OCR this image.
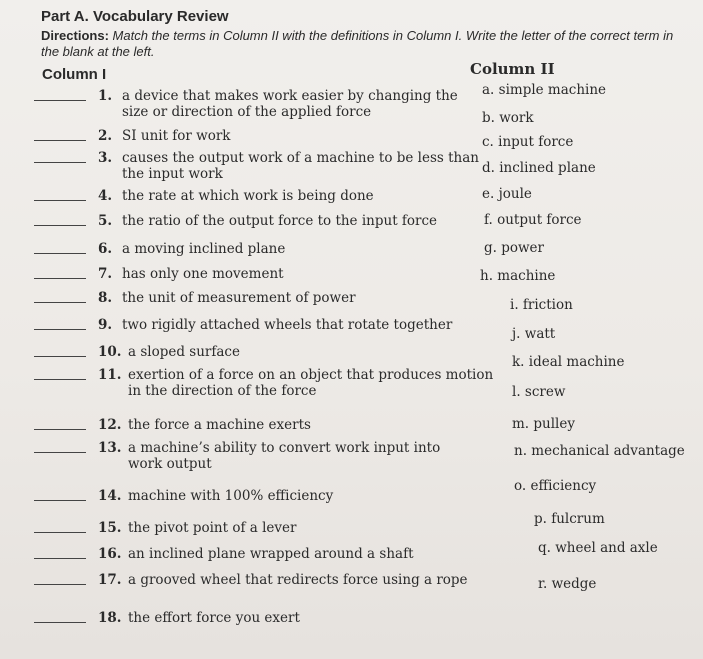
Part A. Vocabulary Review
Directions: Match the terms in Column II with the definitions in Column I. Write the letter of the correct term in
the blank at the left.
Column I	Column II
1. a device that makes work easier by changing the
size or direction of the applied force
2. SI unit for work
3. causes the output work of a machine to be less than
the input work
4. the rate at which work is being done
5. the ratio of the output force to the input force
6. a moving inclined plane
7. has only one movement
8. the unit of measurement of power
9. two rigidly attached wheels that rotate together
10. a sloped surface
11. exertion of a force on an object that produces motion
in the direction of the force
12. the force a machine exerts
13. a machine’s ability to convert work input into
work output
14. machine with 100% efficiency
15. the pivot point of a lever
16. an inclined plane wrapped around a shaft
17. a grooved wheel that redirects force using a rope
18. the effort force you exert
a. simple machine
b. work
c. input force
d. inclined plane
e. joule
f. output force
g. power
h. machine
i. friction
j. watt
k. ideal machine
l. screw
m. pulley
n. mechanical advantage
o. efficiency
p. fulcrum
q. wheel and axle
r. wedge
